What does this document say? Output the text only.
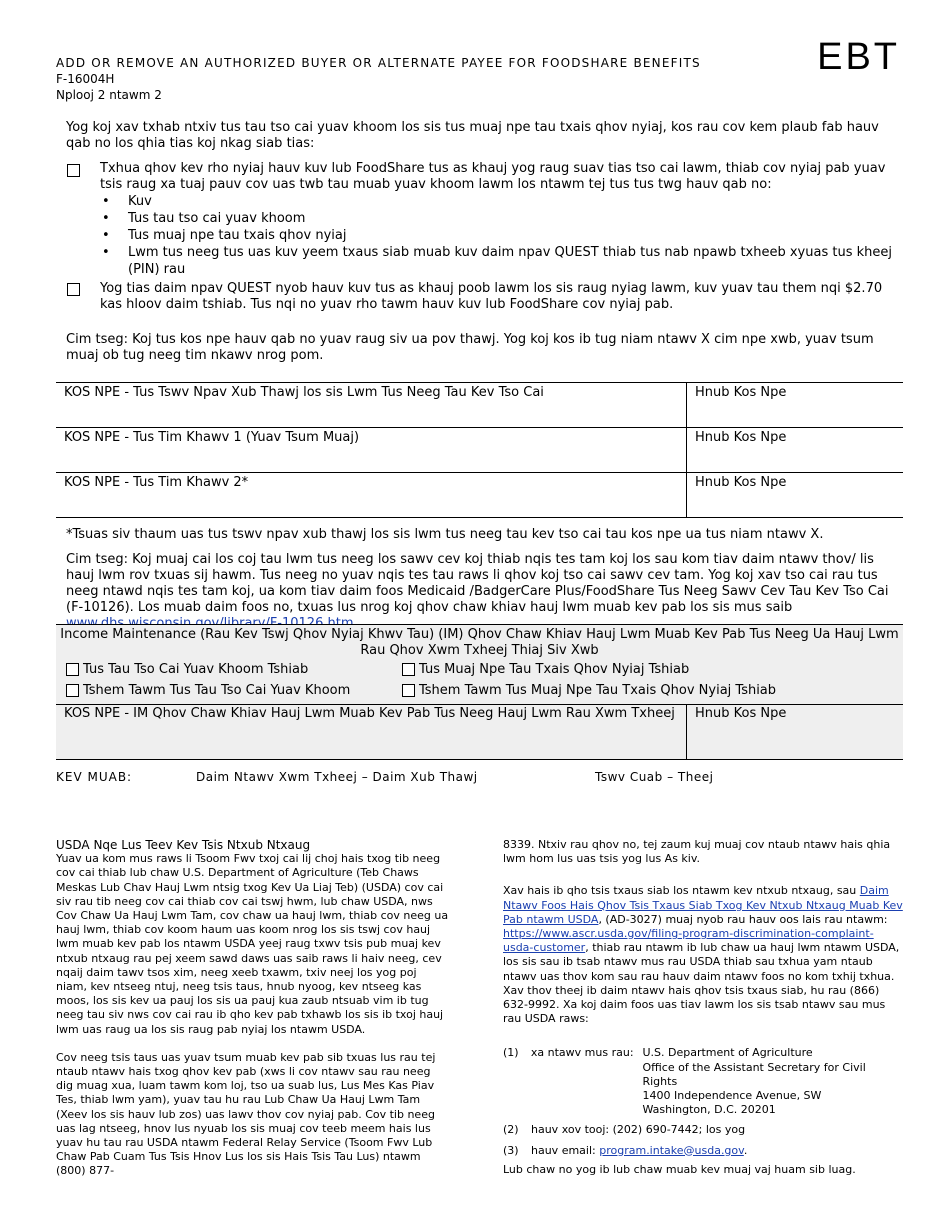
ADD OR REMOVE AN AUTHORIZED BUYER OR ALTERNATE PAYEE FOR FOODSHARE BENEFITS
F-16004H
Nplooj 2 ntawm 2
EBT
Yog koj xav txhab ntxiv tus tau tso cai yuav khoom los sis tus muaj npe tau txais qhov nyiaj, kos rau cov kem plaub fab hauv qab no los qhia tias koj nkag siab tias:
Txhua qhov kev rho nyiaj hauv kuv lub FoodShare tus as khauj yog raug suav tias tso cai lawm, thiab cov nyiaj pab yuav tsis raug xa tuaj pauv cov uas twb tau muab yuav khoom lawm los ntawm tej tus tus twg hauv qab no:
• Kuv
• Tus tau tso cai yuav khoom
• Tus muaj npe tau txais qhov nyiaj
• Lwm tus neeg tus uas kuv yeem txaus siab muab kuv daim npav QUEST thiab tus nab npawb txheeb xyuas tus kheej (PIN) rau
Yog tias daim npav QUEST nyob hauv kuv tus as khauj poob lawm los sis raug nyiag lawm, kuv yuav tau them nqi $2.70 kas hloov daim tshiab. Tus nqi no yuav rho tawm hauv kuv lub FoodShare cov nyiaj pab.
Cim tseg: Koj tus kos npe hauv qab no yuav raug siv ua pov thawj. Yog koj kos ib tug niam ntawv X cim npe xwb, yuav tsum muaj ob tug neeg tim nkawv nrog pom.
KOS NPE - Tus Tswv Npav Xub Thawj los sis Lwm Tus Neeg Tau Kev Tso Cai	Hnub Kos Npe
KOS NPE - Tus Tim Khawv 1 (Yuav Tsum Muaj)	Hnub Kos Npe
KOS NPE - Tus Tim Khawv 2*	Hnub Kos Npe
*Tsuas siv thaum uas tus tswv npav xub thawj los sis lwm tus neeg tau kev tso cai tau kos npe ua tus niam ntawv X.
Cim tseg: Koj muaj cai los coj tau lwm tus neeg los sawv cev koj thiab nqis tes tam koj los sau kom tiav daim ntawv thov/ lis hauj lwm rov txuas sij hawm. Tus neeg no yuav nqis tes tau raws li qhov koj tso cai sawv cev tam. Yog koj xav tso cai rau tus neeg ntawd nqis tes tam koj, ua kom tiav daim foos Medicaid /BadgerCare Plus/FoodShare Tus Neeg Sawv Cev Tau Kev Tso Cai (F-10126). Los muab daim foos no, txuas lus nrog koj qhov chaw khiav hauj lwm muab kev pab los sis mus saib
Income Maintenance (Rau Kev Tswj Qhov Nyiaj Khwv Tau) (IM) Qhov Chaw Khiav Hauj Lwm Muab Kev Pab Tus Neeg Ua Hauj Lwm Rau Qhov Xwm Txheej Thiaj Siv Xwb
Tus Tau Tso Cai Yuav Khoom Tshiab	Tus Muaj Npe Tau Txais Qhov Nyiaj Tshiab
Tshem Tawm Tus Tau Tso Cai Yuav Khoom	Tshem Tawm Tus Muaj Npe Tau Txais Qhov Nyiaj Tshiab
KOS NPE - IM Qhov Chaw Khiav Hauj Lwm Muab Kev Pab Tus Neeg Hauj Lwm Rau Xwm Txheej	Hnub Kos Npe
KEV MUAB:	Daim Ntawv Xwm Txheej – Daim Xub Thawj	Tswv Cuab – Theej
USDA Nqe Lus Teev Kev Tsis Ntxub Ntxaug
Yuav ua kom mus raws li Tsoom Fwv txoj cai lij choj hais txog tib neeg cov cai thiab lub chaw U.S. Department of Agriculture (Teb Chaws Meskas Lub Chav Hauj Lwm ntsig txog Kev Ua Liaj Teb) (USDA) cov cai siv rau tib neeg cov cai thiab cov cai tswj hwm, lub chaw USDA, nws Cov Chaw Ua Hauj Lwm Tam, cov chaw ua hauj lwm, thiab cov neeg ua hauj lwm, thiab cov koom haum uas koom nrog los sis tswj cov hauj lwm muab kev pab los ntawm USDA yeej raug txwv tsis pub muaj kev ntxub ntxaug rau pej xeem sawd daws uas saib raws li haiv neeg, cev nqaij daim tawv tsos xim, neeg xeeb txawm, txiv neej los yog poj niam, kev ntseeg ntuj, neeg tsis taus, hnub nyoog, kev ntseeg kas moos, los sis kev ua pauj los sis ua pauj kua zaub ntsuab vim ib tug neeg tau siv nws cov cai rau ib qho kev pab txhawb los sis ib txoj hauj lwm uas raug ua los sis raug pab nyiaj los ntawm USDA.
Cov neeg tsis taus uas yuav tsum muab kev pab sib txuas lus rau tej ntaub ntawv hais txog qhov kev pab (xws li cov ntawv sau rau neeg dig muag xua, luam tawm kom loj, tso ua suab lus, Lus Mes Kas Piav Tes, thiab lwm yam), yuav tau hu rau Lub Chaw Ua Hauj Lwm Tam (Xeev los sis hauv lub zos) uas lawv thov cov nyiaj pab. Cov tib neeg uas lag ntseeg, hnov lus nyuab los sis muaj cov teeb meem hais lus yuav hu tau rau USDA ntawm Federal Relay Service (Tsoom Fwv Lub Chaw Pab Cuam Tus Tsis Hnov Lus los sis Hais Tsis Tau Lus) ntawm (800) 877-
8339. Ntxiv rau qhov no, tej zaum kuj muaj cov ntaub ntawv hais qhia lwm hom lus uas tsis yog lus As kiv.
Xav hais ib qho tsis txaus siab los ntawm kev ntxub ntxaug, sau Daim Ntawv Foos Hais Qhov Tsis Txaus Siab Txog Kev Ntxub Ntxaug Muab Kev Pab ntawm USDA, (AD-3027) muaj nyob rau hauv oos lais rau ntawm: https://www.ascr.usda.gov/filing-program-discrimination-complaint-usda-customer, thiab rau ntawm ib lub chaw ua hauj lwm ntawm USDA, los sis sau ib tsab ntawv mus rau USDA thiab sau txhua yam ntaub ntawv uas thov kom sau rau hauv daim ntawv foos no kom txhij txhua. Xav thov theej ib daim ntawv hais qhov tsis txaus siab, hu rau (866) 632-9992. Xa koj daim foos uas tiav lawm los sis tsab ntawv sau mus rau USDA raws:
(1)	xa ntawv mus rau: U.S. Department of Agriculture
Office of the Assistant Secretary for Civil Rights
1400 Independence Avenue, SW
Washington, D.C. 20201
(2)	hauv xov tooj: (202) 690-7442; los yog
(3)	hauv email: program.intake@usda.gov.
Lub chaw no yog ib lub chaw muab kev muaj vaj huam sib luag.
